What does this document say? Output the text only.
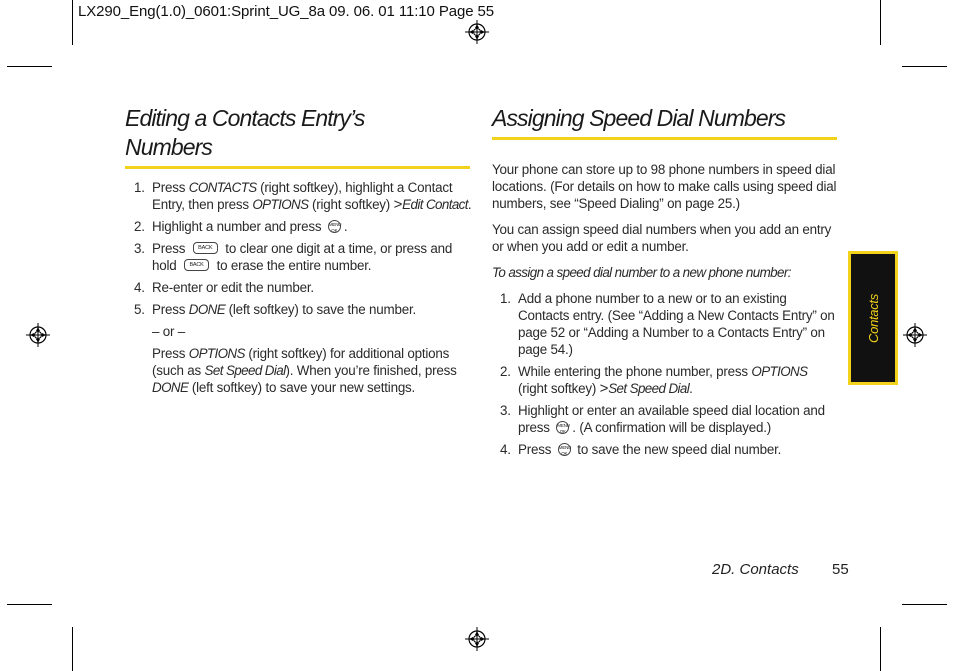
LX290_Eng(1.0)_0601:Sprint_UG_8a 09. 06. 01 11:10 Page 55
Editing a Contacts Entry’s
Numbers
1. Press CONTACTS (right softkey), highlight a Contact Entry, then press OPTIONS (right softkey) >Edit Contact.
2. Highlight a number and press MENU
OK .
3. Press BACK to clear one digit at a time, or press and hold BACK to erase the entire number.
4. Re-enter or edit the number.
5. Press DONE (left softkey) to save the number.
– or –
Press OPTIONS (right softkey) for additional options (such as Set Speed Dial). When you’re finished, press DONE (left softkey) to save your new settings.
Assigning Speed Dial Numbers

Your phone can store up to 98 phone numbers in speed dial locations. (For details on how to make calls using speed dial numbers, see “Speed Dialing” on page 25.)

You can assign speed dial numbers when you add an entry or when you add or edit a number.

To assign a speed dial number to a new phone number:

1. Add a phone number to a new or to an existing Contacts entry. (See “Adding a New Contacts Entry” on page 52 or “Adding a Number to a Contacts Entry” on page 54.)
2. While entering the phone number, press OPTIONS (right softkey) >Set Speed Dial.
3. Highlight or enter an available speed dial location and press MENU
OK . (A confirmation will be displayed.)
4. Press MENU
OK to save the new speed dial number.
Contacts
2D. Contacts 55
